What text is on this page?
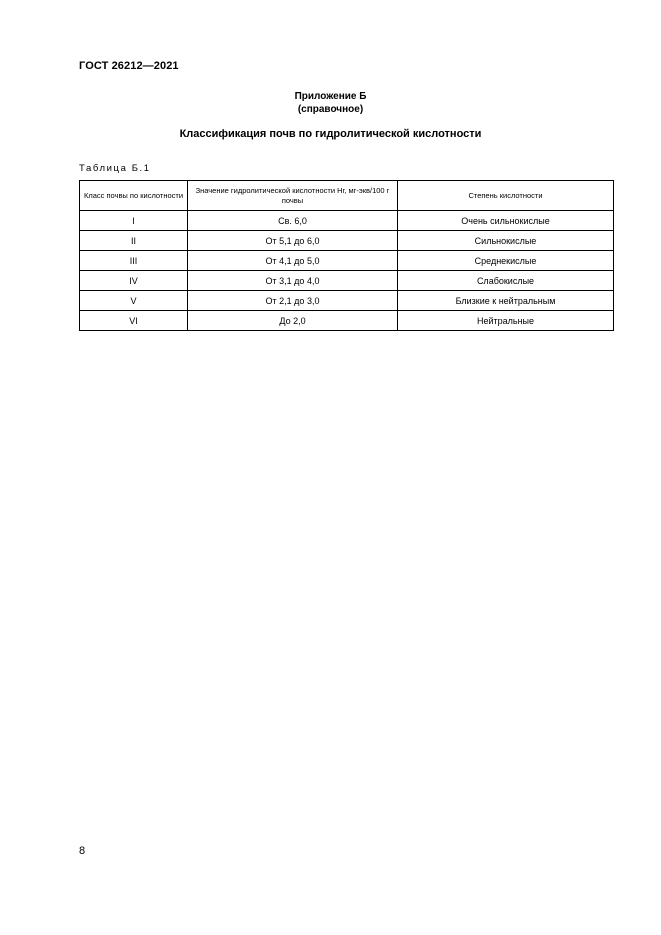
ГОСТ 26212—2021
Приложение Б
(справочное)
Классификация почв по гидролитической кислотности
Таблица Б.1
Класс почвы по кислотности	Значение гидролитической кислотности Нг, мг-экв/100 г почвы	Степень кислотности
I	Св. 6,0	Очень сильнокислые
II	От 5,1 до 6,0	Сильнокислые
III	От 4,1 до 5,0	Среднекислые
IV	От 3,1 до 4,0	Слабокислые
V	От 2,1 до 3,0	Близкие к нейтральным
VI	До 2,0	Нейтральные
8
